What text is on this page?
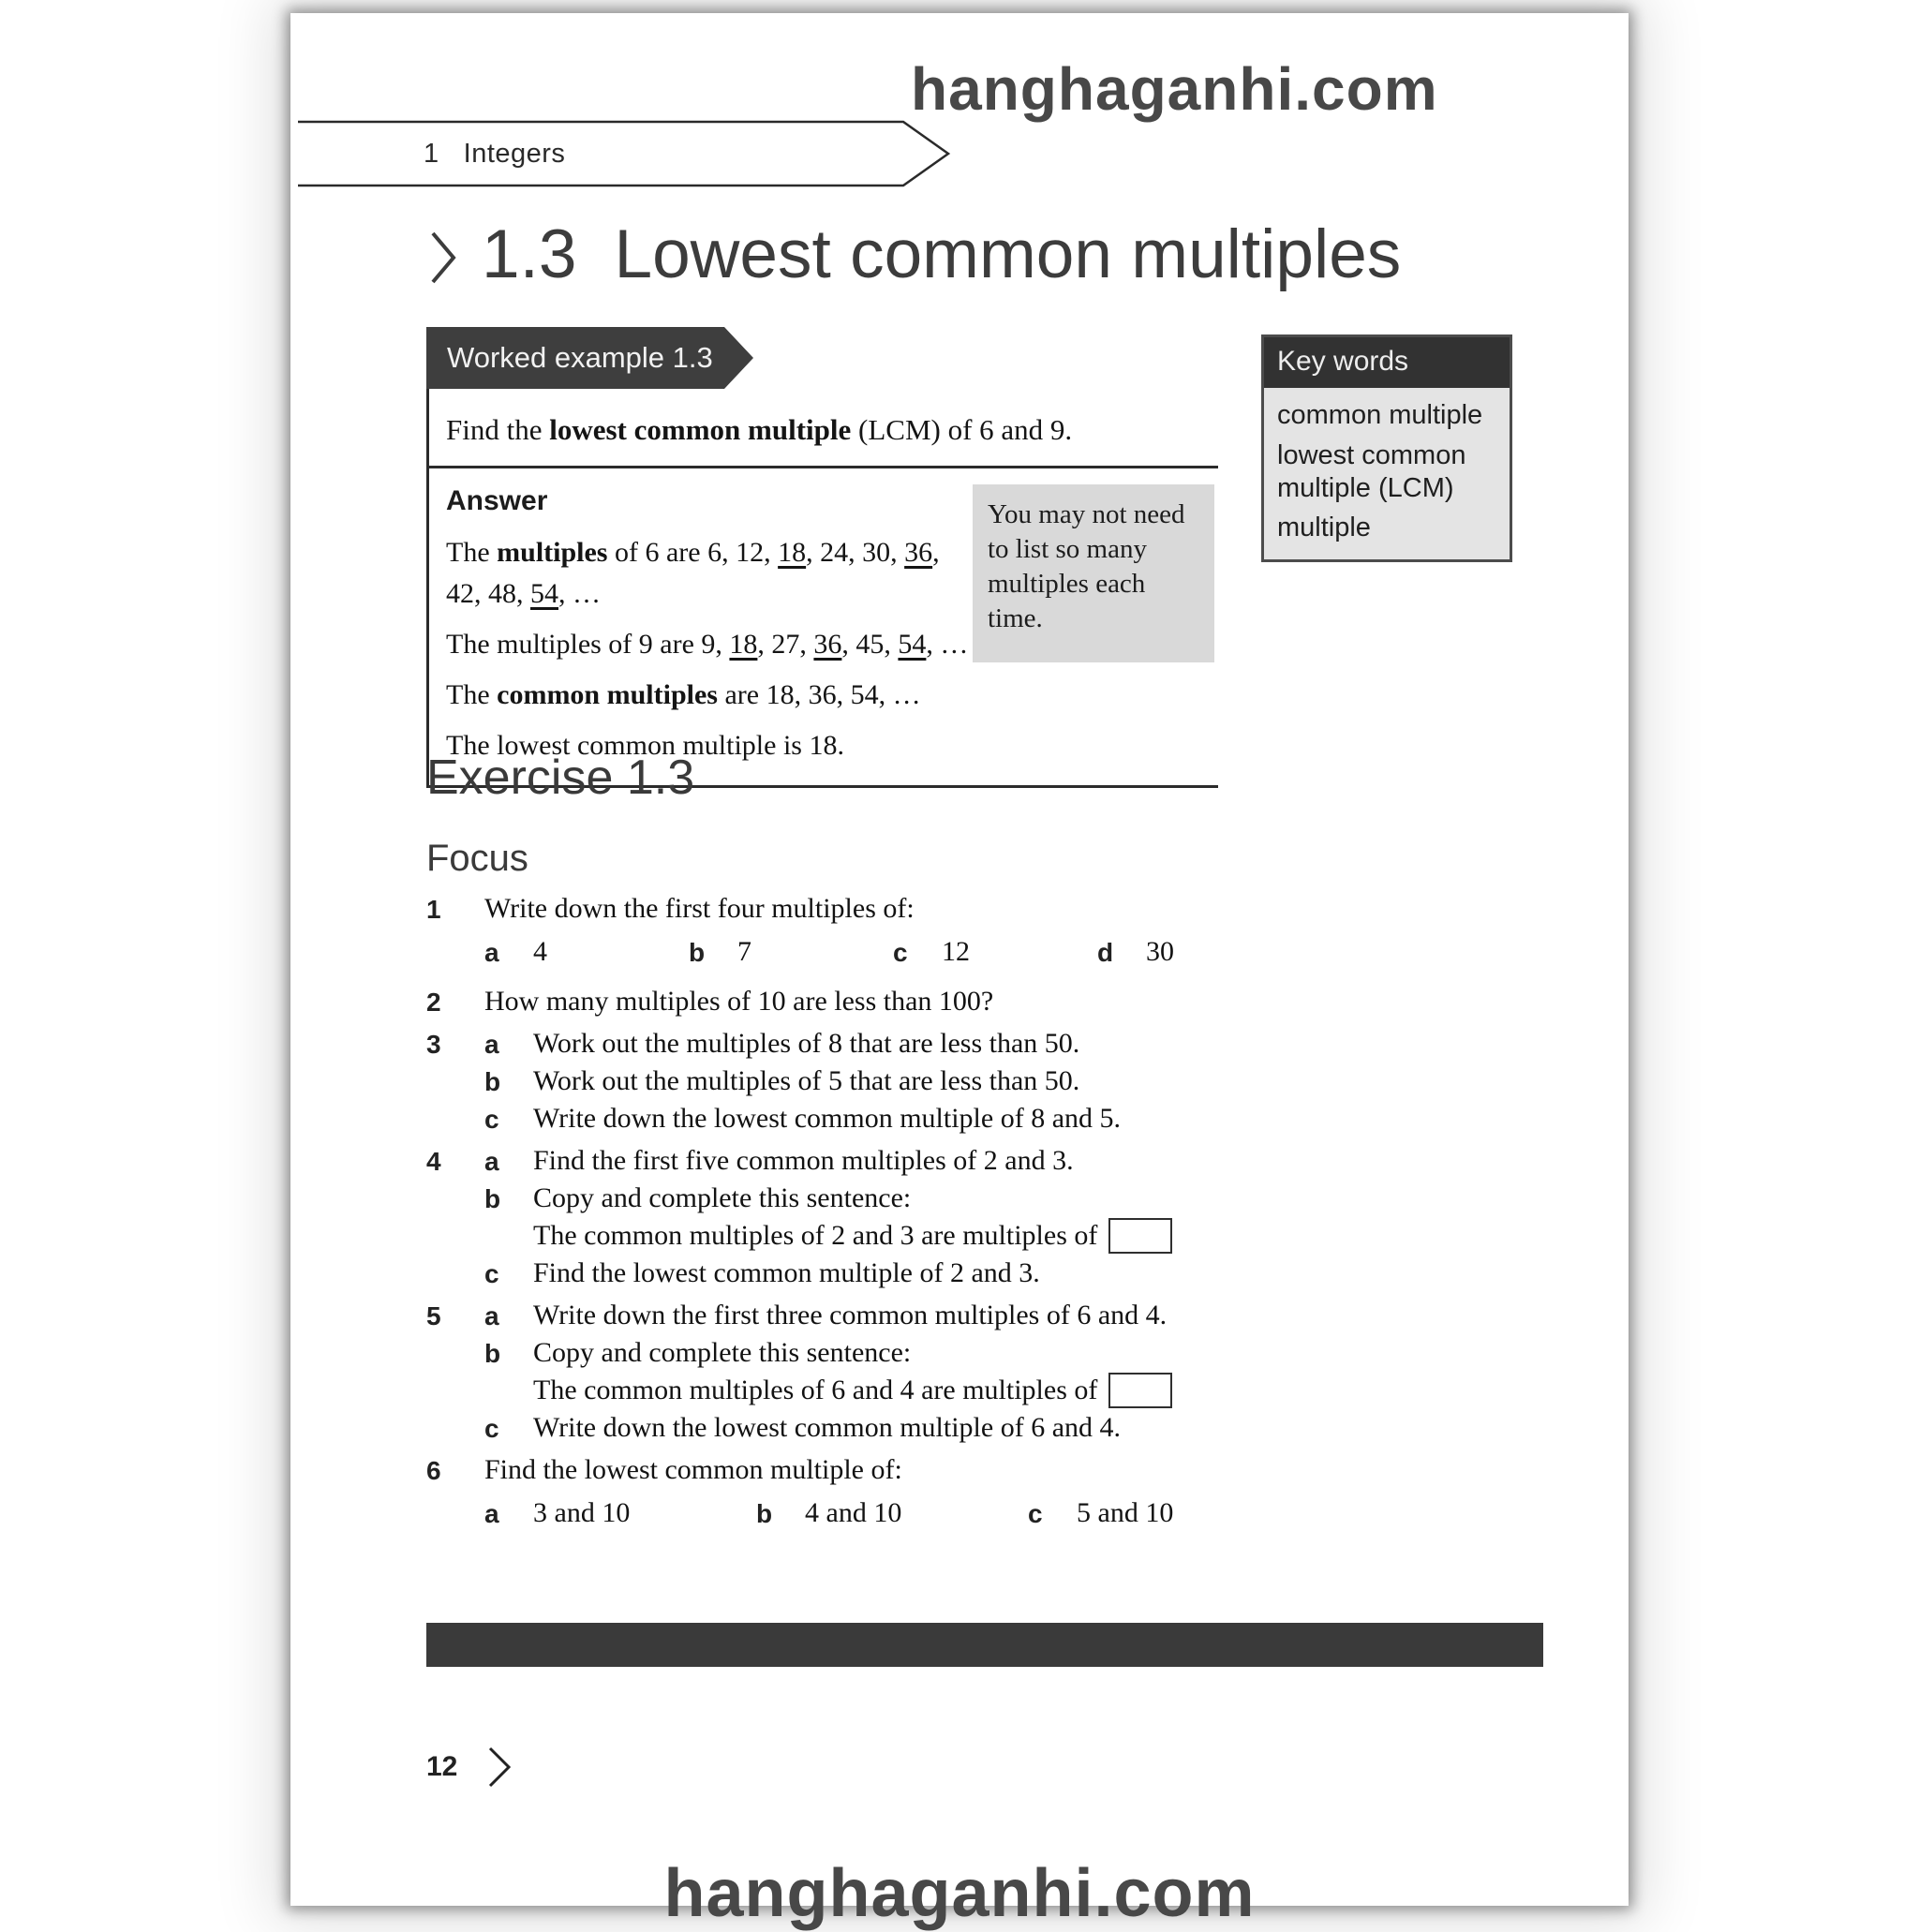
1 Integers
1.3 Lowest common multiples
Worked example 1.3
Find the lowest common multiple (LCM) of 6 and 9.
Answer
The multiples of 6 are 6, 12, 18, 24, 30, 36,
42, 48, 54, …
The multiples of 9 are 9, 18, 27, 36, 45, 54, …
The common multiples are 18, 36, 54, …
The lowest common multiple is 18.
You may not need to list so many multiples each time.
Key words
common multiple
lowest common multiple (LCM)
multiple
Exercise 1.3
Focus
1	Write down the first four multiples of:
a	4	b	7	c	12	d	30
2	How many multiples of 10 are less than 100?
3	a	Work out the multiples of 8 that are less than 50.
b	Work out the multiples of 5 that are less than 50.
c	Write down the lowest common multiple of 8 and 5.
4	a	Find the first five common multiples of 2 and 3.
b	Copy and complete this sentence:
The common multiples of 2 and 3 are multiples of
c	Find the lowest common multiple of 2 and 3.
5	a	Write down the first three common multiples of 6 and 4.
b	Copy and complete this sentence:
The common multiples of 6 and 4 are multiples of
c	Write down the lowest common multiple of 6 and 4.
6	Find the lowest common multiple of:
a	3 and 10	b	4 and 10	c	5 and 10
12
hanghaganhi.com
hanghaganhi.com
